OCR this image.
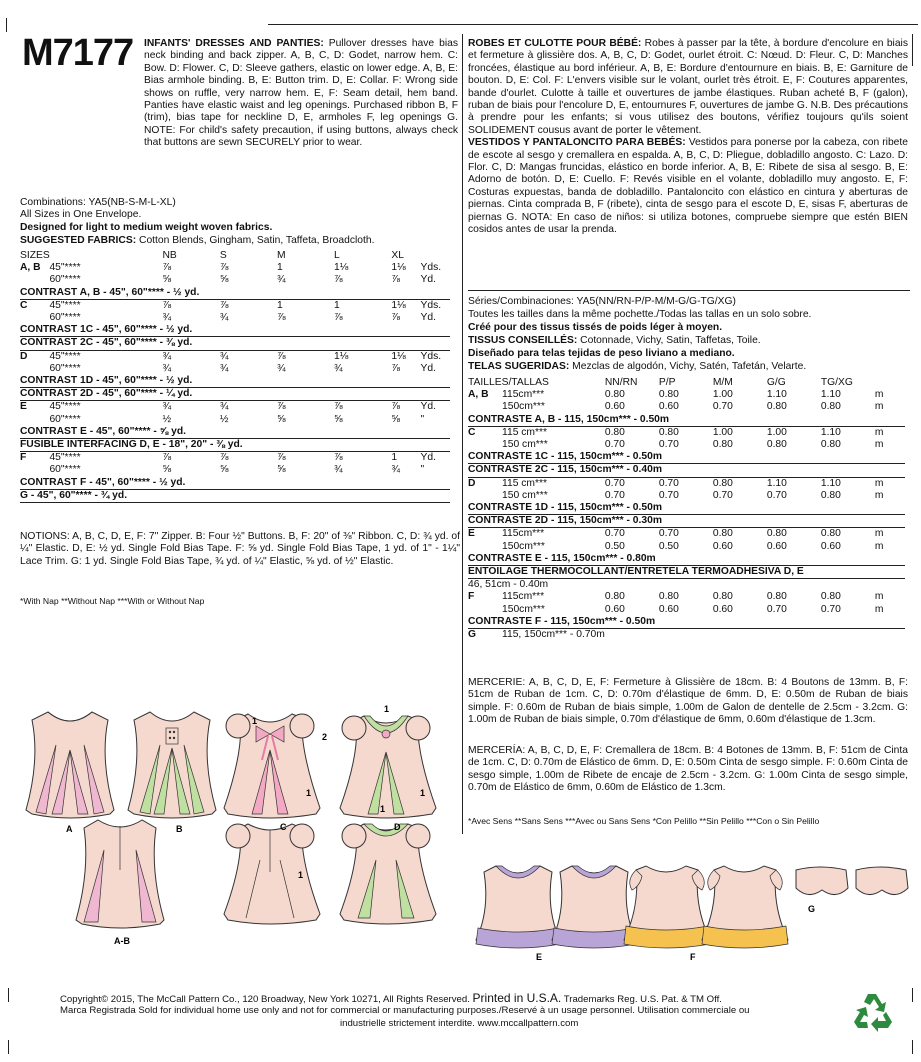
M7177 INFANTS' DRESSES AND PANTIES: Pullover dresses have bias neck binding and back zipper. A, B, C, D: Godet, narrow hem. C: Bow. D: Flower. C, D: Sleeve gathers, elastic on lower edge. A, B, E: Bias armhole binding. B, E: Button trim. D, E: Collar. F: Wrong side shows on ruffle, very narrow hem. E, F: Seam detail, hem band. Panties have elastic waist and leg openings. Purchased ribbon B, F (trim), bias tape for neckline D, E, armholes F, leg openings G. NOTE: For child's safety precaution, if using buttons, always check that buttons are sewn SECURELY prior to wear.
Combinations: YA5(NB-S-M-L-XL)
All Sizes in One Envelope.
Designed for light to medium weight woven fabrics.
SUGGESTED FABRICS: Cotton Blends, Gingham, Satin, Taffeta, Broadcloth.
SIZES		NB	S	M	L	XL	
A, B	45"****	⅞	⅞	1	1⅛	1⅛	Yds.
	60"****	⅝	⅝	¾	⅞	⅞	Yd.
CONTRAST A, B - 45", 60"**** - ½ yd.							
C	45"****	⅞	⅞	1	1	1⅛	Yds.
	60"****	¾	¾	⅞	⅞	⅞	Yd.
CONTRAST 1C - 45", 60"**** - ½ yd.							
CONTRAST 2C - 45", 60"**** - ⅜ yd.							
D	45"****	¾	¾	⅞	1⅛	1⅛	Yds.
	60"****	¾	¾	¾	¾	⅞	Yd.
CONTRAST 1D - 45", 60"**** - ½ yd.							
CONTRAST 2D - 45", 60"**** - ¼ yd.							
E	45"****	¾	¾	⅞	⅞	⅞	Yd.
	60"****	½	½	⅝	⅝	⅝	"
CONTRAST E - 45", 60"**** - ⅝ yd.							
FUSIBLE INTERFACING D, E - 18", 20" - ⅜ yd.							
F	45"****	⅞	⅞	⅞	⅞	1	Yd.
	60"****	⅝	⅝	⅝	¾	¾	"
CONTRAST F - 45", 60"**** - ½ yd.							
G - 45", 60"**** - ¾ yd.							
NOTIONS: A, B, C, D, E, F: 7" Zipper. B: Four ½" Buttons. B, F: 20" of ⅜" Ribbon. C, D: ¾ yd. of ¼" Elastic. D, E: ½ yd. Single Fold Bias Tape. F: ⅝ yd. Single Fold Bias Tape, 1 yd. of 1" - 1¼" Lace Trim. G: 1 yd. Single Fold Bias Tape, ¾ yd. of ¼" Elastic, ⅝ yd. of ½" Elastic.
*With Nap **Without Nap ***With or Without Nap
ROBES ET CULOTTE POUR BÉBÉ: Robes à passer par la tête, à bordure d'encolure en biais et fermeture à glissière dos. A, B, C, D: Godet, ourlet étroit. C: Nœud. D: Fleur. C, D: Manches froncées, élastique au bord inférieur. A, B, E: Bordure d'entournure en biais. B, E: Garniture de bouton. D, E: Col. F: L'envers visible sur le volant, ourlet très étroit. E, F: Coutures apparentes, bande d'ourlet. Culotte à taille et ouvertures de jambe élastiques. Ruban acheté B, F (galon), ruban de biais pour l'encolure D, E, entournures F, ouvertures de jambe G. N.B. Des précautions à prendre pour les enfants; si vous utilisez des boutons, vérifiez toujours qu'ils soient SOLIDEMENT cousus avant de porter le vêtement.
VESTIDOS Y PANTALONCITO PARA BEBÉS: Vestidos para ponerse por la cabeza, con ribete de escote al sesgo y cremallera en espalda. A, B, C, D: Pliegue, dobladillo angosto. C: Lazo. D: Flor. C, D: Mangas fruncidas, elástico en borde inferior. A, B, E: Ribete de sisa al sesgo. B, E: Adorno de botón. D, E: Cuello. F: Revés visible en el volante, dobladillo muy angosto. E, F: Costuras expuestas, banda de dobladillo. Pantaloncito con elástico en cintura y aberturas de piernas. Cinta comprada B, F (ribete), cinta de sesgo para el escote D, E, sisas F, aberturas de piernas G. NOTA: En caso de niños: si utiliza botones, compruebe siempre que estén BIEN cosidos antes de usar la prenda.
Séries/Combinaciones: YA5(NN/RN-P/P-M/M-G/G-TG/XG)
Toutes les tailles dans la même pochette./Todas las tallas en un solo sobre.
Créé pour des tissus tissés de poids léger à moyen.
TISSUS CONSEILLÉS: Cotonnade, Vichy, Satin, Taffetas, Toile.
Diseñado para telas tejidas de peso liviano a mediano.
TELAS SUGERIDAS: Mezclas de algodón, Vichy, Satén, Tafetán, Velarte.
TAILLES/TALLAS		NN/RN	P/P	M/M	G/G	TG/XG	
A, B	115cm***	0.80	0.80	1.00	1.10	1.10	m
	150cm***	0.60	0.60	0.70	0.80	0.80	m
CONTRASTE A, B - 115, 150cm*** - 0.50m							
C	115 cm***	0.80	0.80	1.00	1.00	1.10	m
	150 cm***	0.70	0.70	0.80	0.80	0.80	m
CONTRASTE 1C - 115, 150cm*** - 0.50m							
CONTRASTE 2C - 115, 150cm*** - 0.40m							
D	115 cm***	0.70	0.70	0.80	1.10	1.10	m
	150 cm***	0.70	0.70	0.70	0.70	0.80	m
CONTRASTE 1D - 115, 150cm*** - 0.50m							
CONTRASTE 2D - 115, 150cm*** - 0.30m							
E	115cm***	0.70	0.70	0.80	0.80	0.80	m
	150cm***	0.50	0.50	0.60	0.60	0.60	m
CONTRASTE E - 115, 150cm*** - 0.80m							
ENTOILAGE THERMOCOLLANT/ENTRETELA TERMOADHESIVA D, E							
46, 51cm - 0.40m							
F	115cm***	0.80	0.80	0.80	0.80	0.80	m
	150cm***	0.60	0.60	0.60	0.70	0.70	m
CONTRASTE F - 115, 150cm*** - 0.50m							
G	115, 150cm*** - 0.70m						
MERCERIE: A, B, C, D, E, F: Fermeture à Glissière de 18cm. B: 4 Boutons de 13mm. B, F: 51cm de Ruban de 1cm. C, D: 0.70m d'élastique de 6mm. D, E: 0.50m de Ruban de biais simple. F: 0.60m de Ruban de biais simple, 1.00m de Galon de dentelle de 2.5cm - 3.2cm. G: 1.00m de Ruban de biais simple, 0.70m d'élastique de 6mm, 0.60m d'élastique de 1.3cm.
MERCERÍA: A, B, C, D, E, F: Cremallera de 18cm. B: 4 Botones de 13mm. B, F: 51cm de Cinta de 1cm. C, D: 0.70m de Elástico de 6mm. D, E: 0.50m Cinta de sesgo simple. F: 0.60m Cinta de sesgo simple, 1.00m de Ribete de encaje de 2.5cm - 3.2cm. G: 1.00m Cinta de sesgo simple, 0.70m de Elástico de 6mm, 0.60m de Elástico de 1.3cm.
*Avec Sens **Sans Sens ***Avec ou Sans Sens *Con Pelillo **Sin Pelillo ***Con o Sin Pelillo
A	B	C	D
A-B
E	F
G
1
2
1
1
1
1
1
Copyright© 2015, The McCall Pattern Co., 120 Broadway, New York 10271, All Rights Reserved. Printed in U.S.A. Trademarks Reg. U.S. Pat. & TM Off.
Marca Registrada Sold for individual home use only and not for commercial or manufacturing purposes./Reservé à un usage personnel. Utilisation commerciale ou
industrielle strictement interdite. www.mccallpattern.com
